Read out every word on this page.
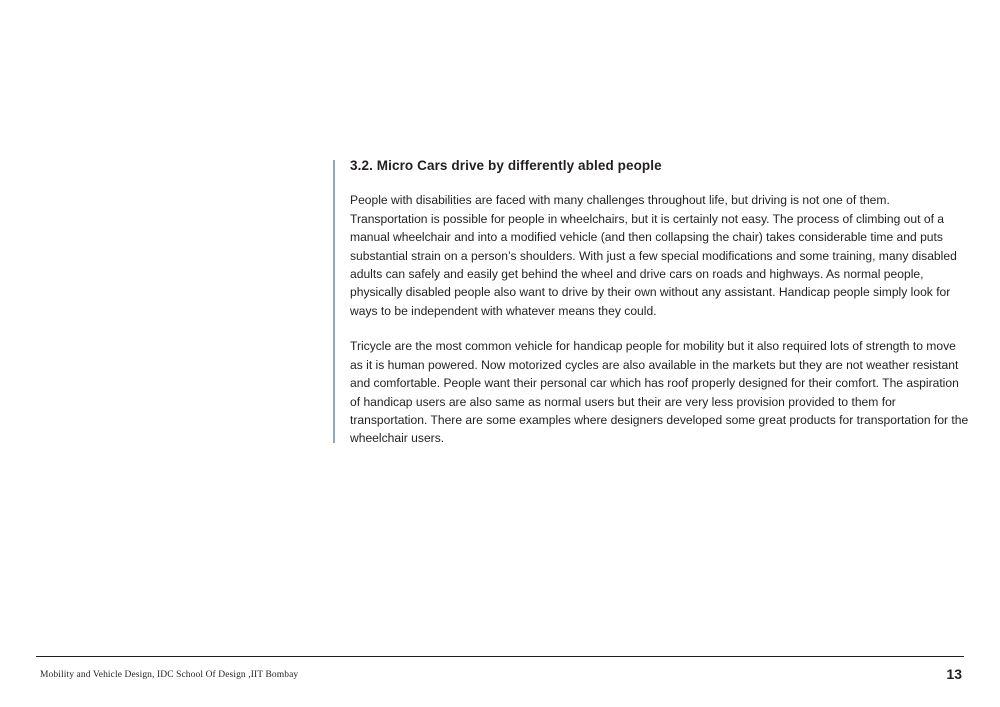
3.2. Micro Cars drive by differently abled people

People with disabilities are faced with many challenges throughout life, but driving is not one of them. Transportation is possible for people in wheelchairs, but it is certainly not easy. The process of climbing out of a manual wheelchair and into a modified vehicle (and then collapsing the chair) takes considerable time and puts substantial strain on a person’s shoulders. With just a few special modifications and some training, many disabled adults can safely and easily get behind the wheel and drive cars on roads and highways. As normal people, physically disabled people also want to drive by their own without any assistant. Handicap people simply look for ways to be independent with whatever means they could.

Tricycle are the most common vehicle for handicap people for mobility but it also required lots of strength to move as it is human powered. Now motorized cycles are also available in the markets but they are not weather resistant and comfortable. People want their personal car which has roof properly designed for their comfort. The aspiration of handicap users are also same as normal users but their are very less provision provided to them for transportation. There are some examples where designers developed some great products for transportation for the wheelchair users.

Mobility and Vehicle Design, IDC School Of Design ,IIT Bombay	13
